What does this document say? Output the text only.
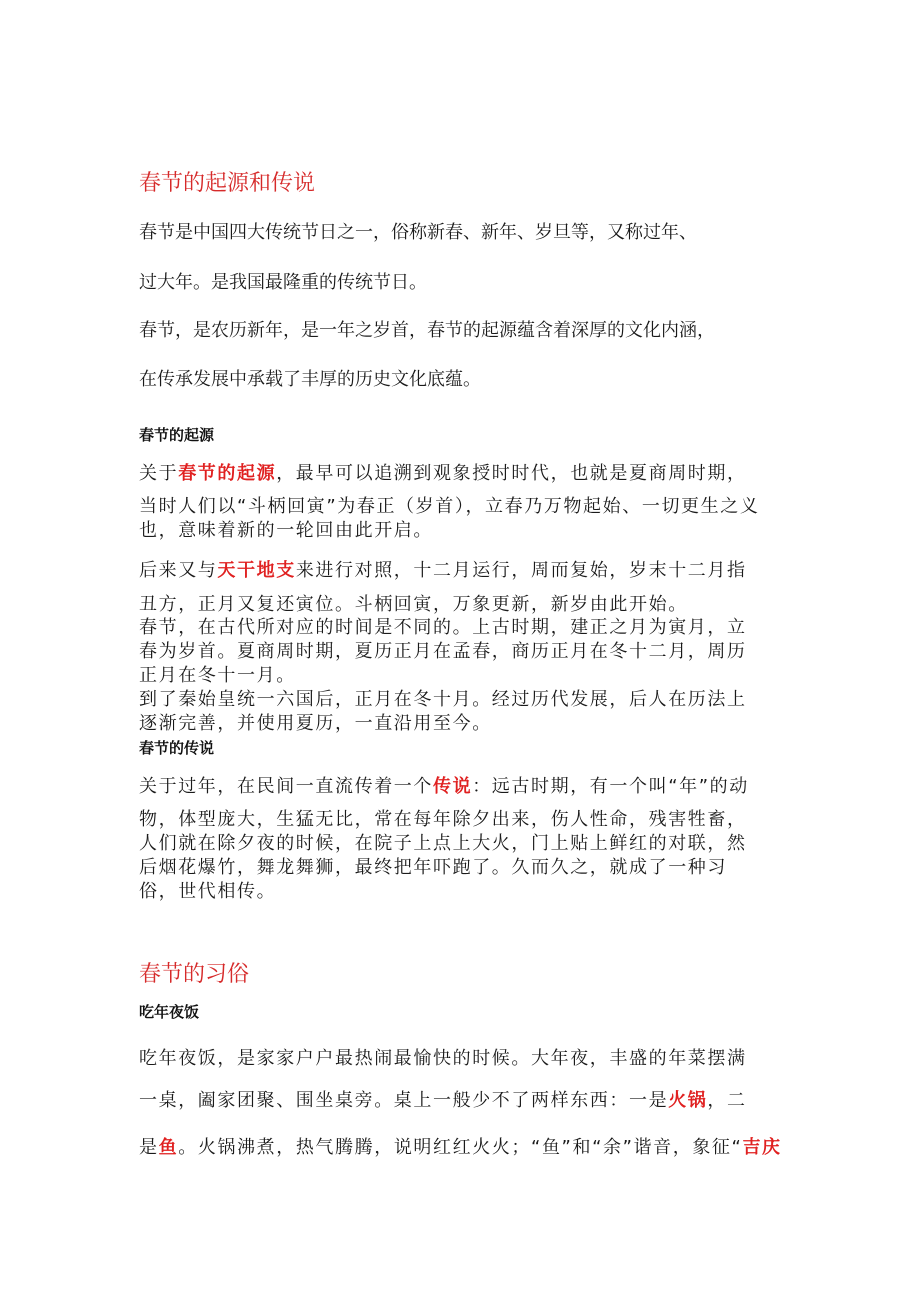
春节的起源和传说

春节是中国四大传统节日之一，俗称新春、新年、岁旦等，又称过年、

过大年。是我国最隆重的传统节日。

春节，是农历新年，是一年之岁首，春节的起源蕴含着深厚的文化内涵，

在传承发展中承载了丰厚的历史文化底蕴。

春节的起源

关于春节的起源，最早可以追溯到观象授时时代，也就是夏商周时期，

当时人们以“斗柄回寅”为春正（岁首），立春乃万物起始、一切更生之义

也，意味着新的一轮回由此开启。

后来又与天干地支来进行对照，十二月运行，周而复始，岁末十二月指

丑方，正月又复还寅位。斗柄回寅，万象更新，新岁由此开始。

春节，在古代所对应的时间是不同的。上古时期，建正之月为寅月，立

春为岁首。夏商周时期，夏历正月在孟春，商历正月在冬十二月，周历

正月在冬十一月。

到了秦始皇统一六国后，正月在冬十月。经过历代发展，后人在历法上

逐渐完善，并使用夏历，一直沿用至今。

春节的传说

关于过年，在民间一直流传着一个传说：远古时期，有一个叫“年”的动

物，体型庞大，生猛无比，常在每年除夕出来，伤人性命，残害牲畜，

人们就在除夕夜的时候，在院子上点上大火，门上贴上鲜红的对联，然

后烟花爆竹，舞龙舞狮，最终把年吓跑了。久而久之，就成了一种习

俗，世代相传。

春节的习俗
吃年夜饭

吃年夜饭，是家家户户最热闹最愉快的时候。大年夜，丰盛的年菜摆满

一桌，阖家团聚、围坐桌旁。桌上一般少不了两样东西：一是火锅，二

是鱼。火锅沸煮，热气腾腾，说明红红火火；“鱼”和“余”谐音，象征“吉庆
